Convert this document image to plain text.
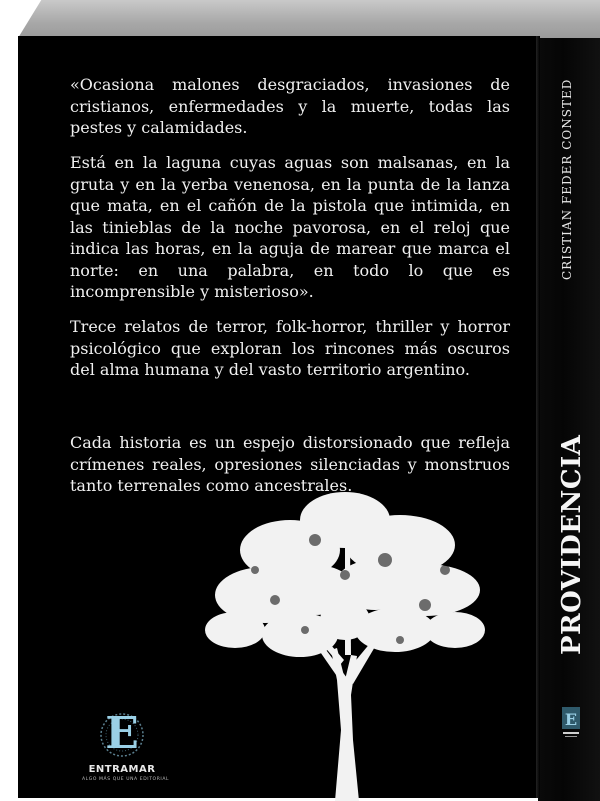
«Ocasiona malones desgraciados, invasiones de cristianos, enfermedades y la muerte, todas las pestes y calamidades.

Está en la laguna cuyas aguas son malsanas, en la gruta y en la yerba venenosa, en la punta de la lanza que mata, en el cañón de la pistola que intimida, en las tinieblas de la noche pavorosa, en el reloj que indica las horas, en la aguja de marear que marca el norte: en una palabra, en todo lo que es incomprensible y misterioso».

Trece relatos de terror, folk-horror, thriller y horror psicológico que exploran los rincones más oscuros del alma humana y del vasto territorio argentino.

Cada historia es un espejo distorsionado que refleja crímenes reales, opresiones silenciadas y monstruos tanto terrenales como ancestrales.

E
ENTRAMAR
ALGO MÁS QUE UNA EDITORIAL
CRISTIAN FEDER CONSTED
PROVIDENCIA
E
